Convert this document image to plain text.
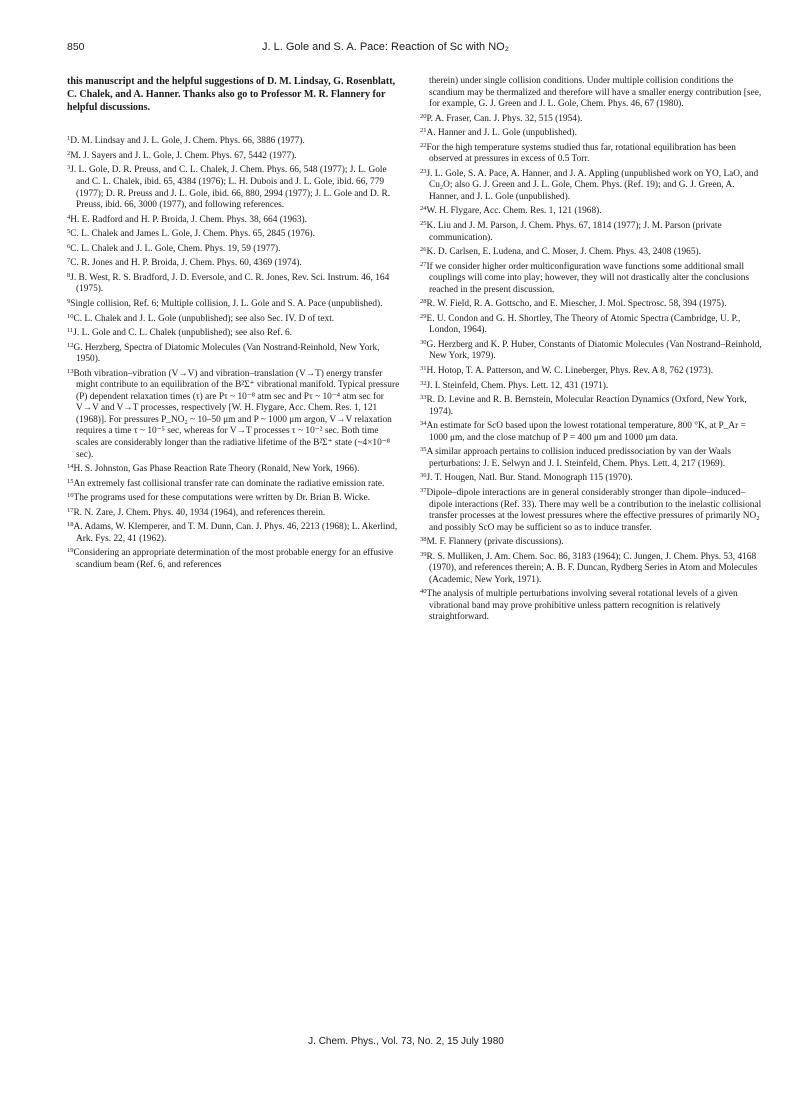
850	J. L. Gole and S. A. Pace: Reaction of Sc with NO₂

this manuscript and the helpful suggestions of D. M. Lindsay, G. Rosenblatt, C. Chalek, and A. Hanner. Thanks also go to Professor M. R. Flannery for helpful discussions.

$^1$D. M. Lindsay and J. L. Gole, J. Chem. Phys. 66, 3886 (1977).

$^2$M. J. Sayers and J. L. Gole, J. Chem. Phys. 67, 5442 (1977).

$^3$J. L. Gole, D. R. Preuss, and C. L. Chalek, J. Chem. Phys. 66, 548 (1977); J. L. Gole and C. L. Chalek, ibid. 65, 4384 (1976); L. H. Dubois and J. L. Gole, ibid. 66, 779 (1977); D. R. Preuss and J. L. Gole, ibid. 66, 880, 2994 (1977); J. L. Gole and D. R. Preuss, ibid. 66, 3000 (1977), and following references.

$^4$H. E. Radford and H. P. Broida, J. Chem. Phys. 38, 664 (1963).

$^5$C. L. Chalek and James L. Gole, J. Chem. Phys. 65, 2845 (1976).

$^6$C. L. Chalek and J. L. Gole, Chem. Phys. 19, 59 (1977).

$^7$C. R. Jones and H. P. Broida, J. Chem. Phys. 60, 4369 (1974).

$^8$J. B. West, R. S. Bradford, J. D. Eversole, and C. R. Jones, Rev. Sci. Instrum. 46, 164 (1975).

$^9$Single collision, Ref. 6; Multiple collision, J. L. Gole and S. A. Pace (unpublished).

$^{10}$C. L. Chalek and J. L. Gole (unpublished); see also Sec. IV. D of text.

$^{11}$J. L. Gole and C. L. Chalek (unpublished); see also Ref. 6.

$^{12}$G. Herzberg, Spectra of Diatomic Molecules (Van Nostrand-Reinhold, New York, 1950).

$^{13}$Both vibration–vibration (V→V) and vibration–translation (V→T) energy transfer might contribute to an equilibration of the B²Σ⁺ vibrational manifold. Typical pressure (P) dependent relaxation times (τ) are Pτ ~ 10⁻⁸ atm sec and Pτ ~ 10⁻⁴ atm sec for V→V and V→T processes, respectively [W. H. Flygare, Acc. Chem. Res. 1, 121 (1968)]. For pressures P_NO₂ ~ 10–50 μm and P ~ 1000 μm argon, V→V relaxation requires a time τ ~ 10⁻⁵ sec, whereas for V→T processes τ ~ 10⁻² sec. Both time scales are considerably longer than the radiative lifetime of the B²Σ⁺ state (~4×10⁻⁸ sec).

$^{14}$H. S. Johnston, Gas Phase Reaction Rate Theory (Ronald, New York, 1966).

$^{15}$An extremely fast collisional transfer rate can dominate the radiative emission rate.

$^{16}$The programs used for these computations were written by Dr. Brian B. Wicke.

$^{17}$R. N. Zare, J. Chem. Phys. 40, 1934 (1964), and references therein.

$^{18}$A. Adams, W. Klemperer, and T. M. Dunn, Can. J. Phys. 46, 2213 (1968); L. Akerlind, Ark. Fys. 22, 41 (1962).

$^{19}$Considering an appropriate determination of the most probable energy for an effusive scandium beam (Ref. 6, and references

therein) under single collision conditions. Under multiple collision conditions the scandium may be thermalized and therefore will have a smaller energy contribution [see, for example, G. J. Green and J. L. Gole, Chem. Phys. 46, 67 (1980).

$^{20}$P. A. Fraser, Can. J. Phys. 32, 515 (1954).

$^{21}$A. Hanner and J. L. Gole (unpublished).

$^{22}$For the high temperature systems studied thus far, rotational equilibration has been observed at pressures in excess of 0.5 Torr.

$^{23}$J. L. Gole, S. A. Pace, A. Hanner, and J. A. Appling (unpublished work on YO, LaO, and Cu₂O; also G. J. Green and J. L. Gole, Chem. Phys. (Ref. 19); and G. J. Green, A. Hanner, and J. L. Gole (unpublished).

$^{24}$W. H. Flygare, Acc. Chem. Res. 1, 121 (1968).

$^{25}$K. Liu and J. M. Parson, J. Chem. Phys. 67, 1814 (1977); J. M. Parson (private communication).

$^{26}$K. D. Carlsen, E. Ludena, and C. Moser, J. Chem. Phys. 43, 2408 (1965).

$^{27}$If we consider higher order multiconfiguration wave functions some additional small couplings will come into play; however, they will not drastically alter the conclusions reached in the present discussion.

$^{28}$R. W. Field, R. A. Gottscho, and E. Miescher, J. Mol. Spectrosc. 58, 394 (1975).

$^{29}$E. U. Condon and G. H. Shortley, The Theory of Atomic Spectra (Cambridge, U. P., London, 1964).

$^{30}$G. Herzberg and K. P. Huber, Constants of Diatomic Molecules (Van Nostrand–Reinhold, New York, 1979).

$^{31}$H. Hotop, T. A. Patterson, and W. C. Lineberger, Phys. Rev. A 8, 762 (1973).

$^{32}$J. I. Steinfeld, Chem. Phys. Lett. 12, 431 (1971).

$^{33}$R. D. Levine and R. B. Bernstein, Molecular Reaction Dynamics (Oxford, New York, 1974).

$^{34}$An estimate for ScO based upon the lowest rotational temperature, 800 °K, at P_Ar = 1000 μm, and the close matchup of P = 400 μm and 1000 μm data.

$^{35}$A similar approach pertains to collision induced predissociation by van der Waals perturbations: J. E. Selwyn and J. I. Steinfeld, Chem. Phys. Lett. 4, 217 (1969).

$^{36}$J. T. Hougen, Natl. Bur. Stand. Monograph 115 (1970).

$^{37}$Dipole–dipole interactions are in general considerably stronger than dipole–induced–dipole interactions (Ref. 33). There may well be a contribution to the inelastic collisional transfer processes at the lowest pressures where the effective pressures of primarily NO₂ and possibly ScO may be sufficient so as to induce transfer.

$^{38}$M. F. Flannery (private discussions).

$^{39}$R. S. Mulliken, J. Am. Chem. Soc. 86, 3183 (1964); C. Jungen, J. Chem. Phys. 53, 4168 (1970), and references therein; A. B. F. Duncan, Rydberg Series in Atom and Molecules (Academic, New York, 1971).

$^{40}$The analysis of multiple perturbations involving several rotational levels of a given vibrational band may prove prohibitive unless pattern recognition is relatively straightforward.

J. Chem. Phys., Vol. 73, No. 2, 15 July 1980
